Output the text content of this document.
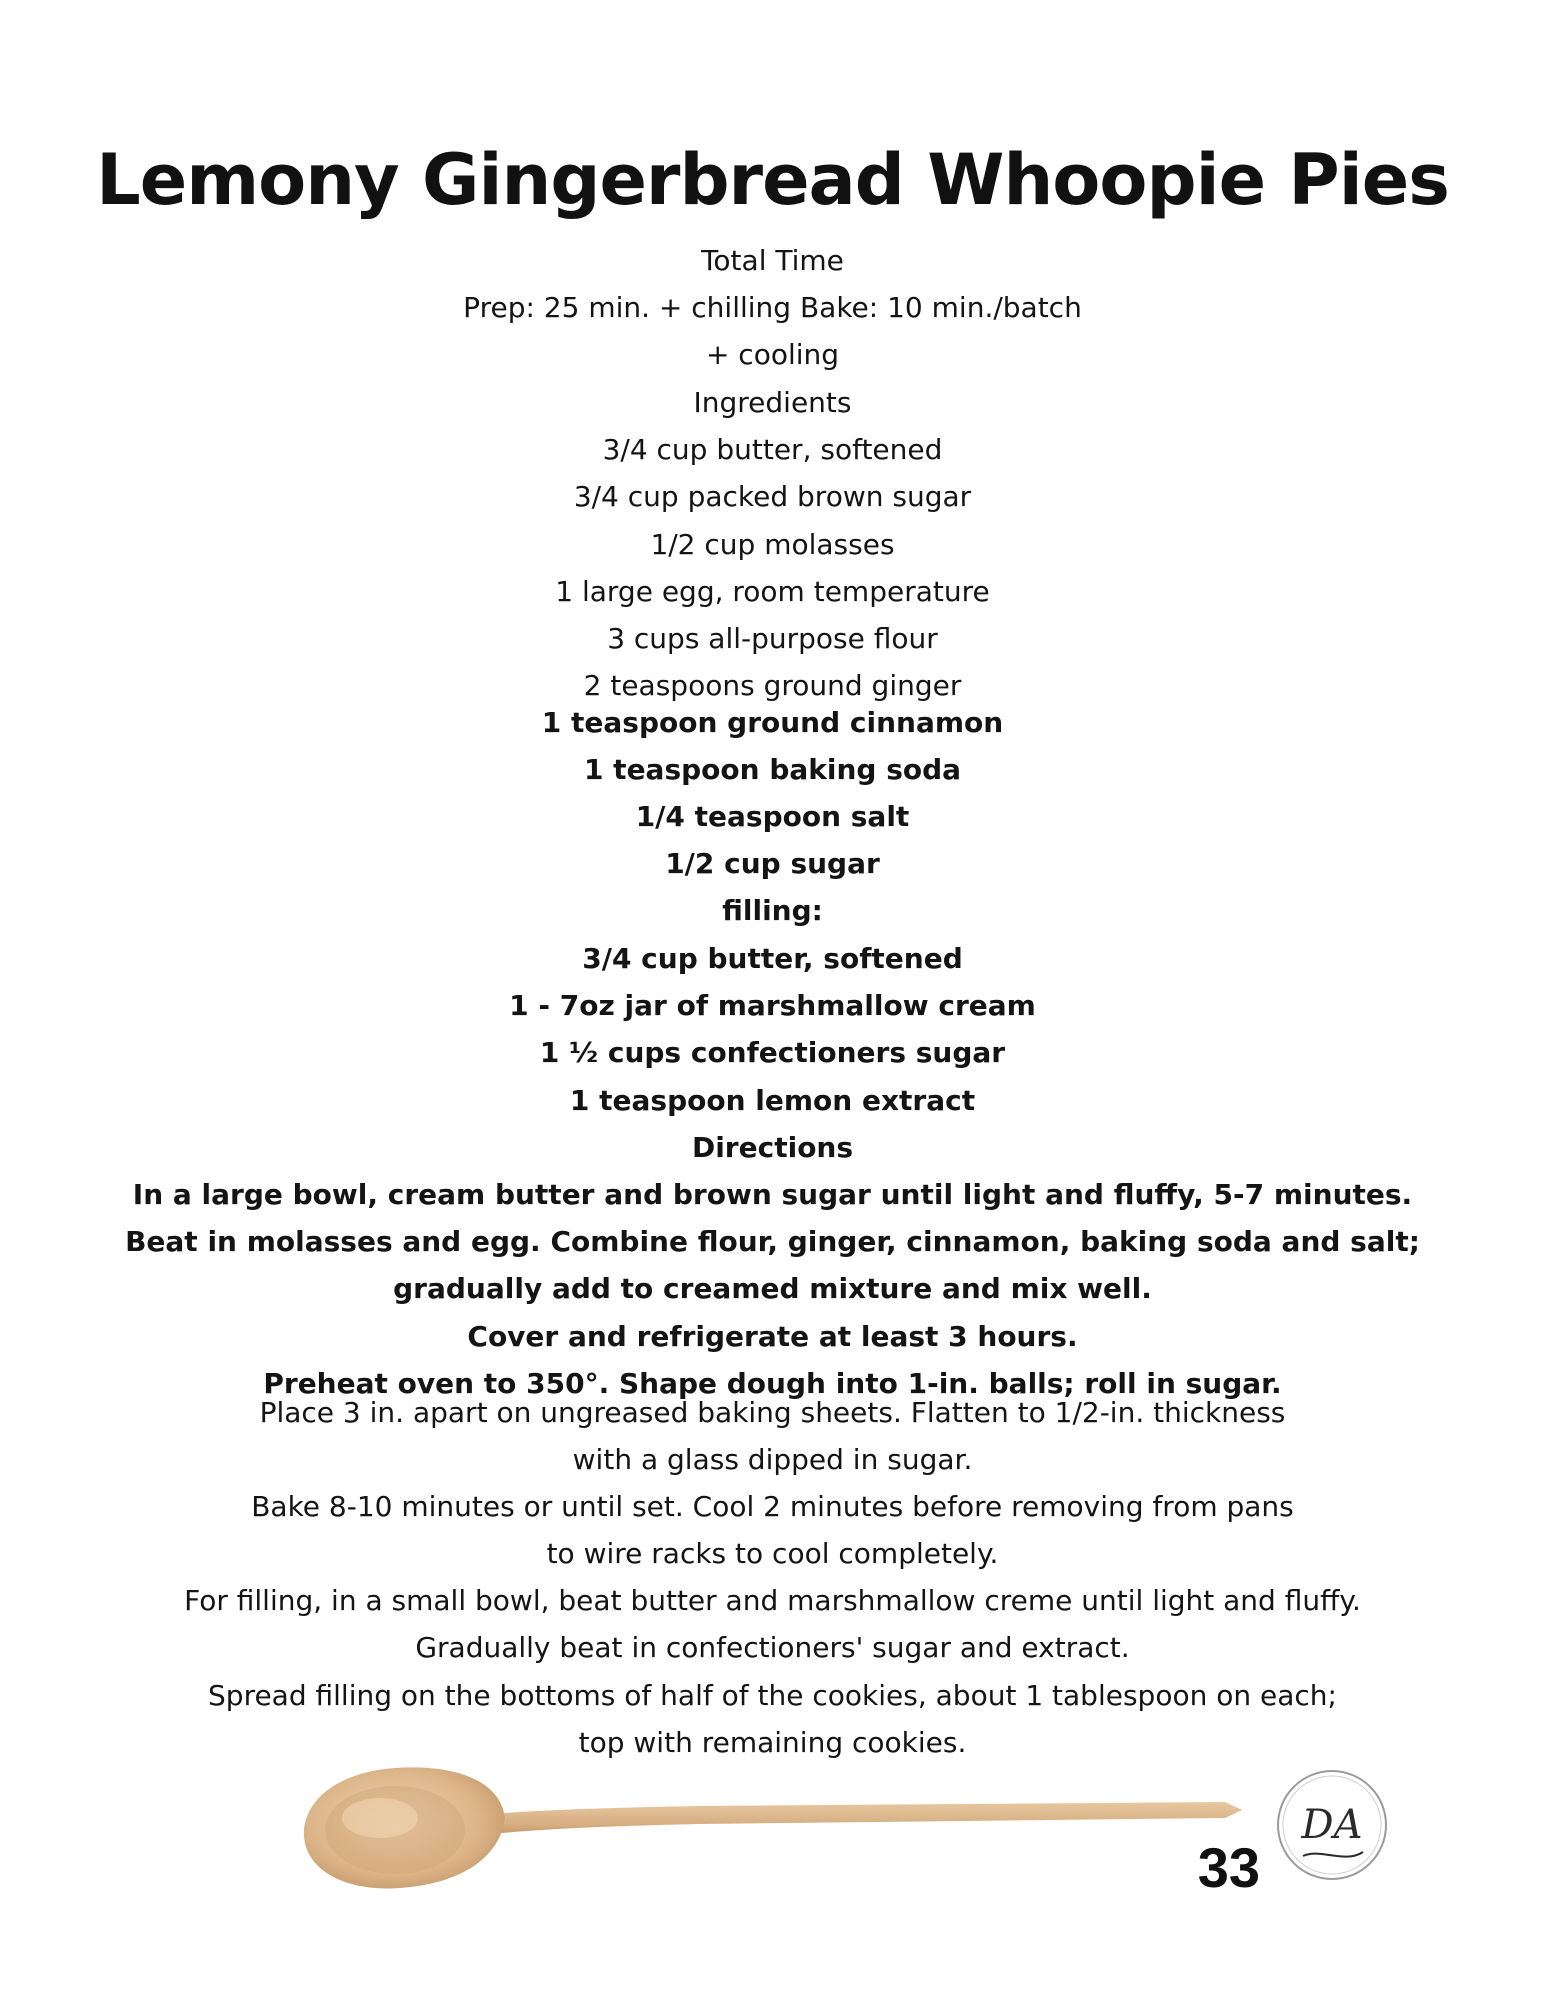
Lemony Gingerbread Whoopie Pies
Total Time
Prep: 25 min. + chilling Bake: 10 min./batch
+ cooling
Ingredients
3/4 cup butter, softened
3/4 cup packed brown sugar
1/2 cup molasses
1 large egg, room temperature
3 cups all-purpose flour
2 teaspoons ground ginger
1 teaspoon ground cinnamon
1 teaspoon baking soda
1/4 teaspoon salt
1/2 cup sugar
filling:
3/4 cup butter, softened
1 - 7oz jar of marshmallow cream
1 ½ cups confectioners sugar
1 teaspoon lemon extract
Directions
In a large bowl, cream butter and brown sugar until light and fluffy, 5-7 minutes.
Beat in molasses and egg. Combine flour, ginger, cinnamon, baking soda and salt;
gradually add to creamed mixture and mix well.
Cover and refrigerate at least 3 hours.
Preheat oven to 350°. Shape dough into 1-in. balls; roll in sugar.
Place 3 in. apart on ungreased baking sheets. Flatten to 1/2-in. thickness
with a glass dipped in sugar.
Bake 8-10 minutes or until set. Cool 2 minutes before removing from pans
to wire racks to cool completely.
For filling, in a small bowl, beat butter and marshmallow creme until light and fluffy.
Gradually beat in confectioners' sugar and extract.
Spread filling on the bottoms of half of the cookies, about 1 tablespoon on each;
top with remaining cookies.
DA
33
